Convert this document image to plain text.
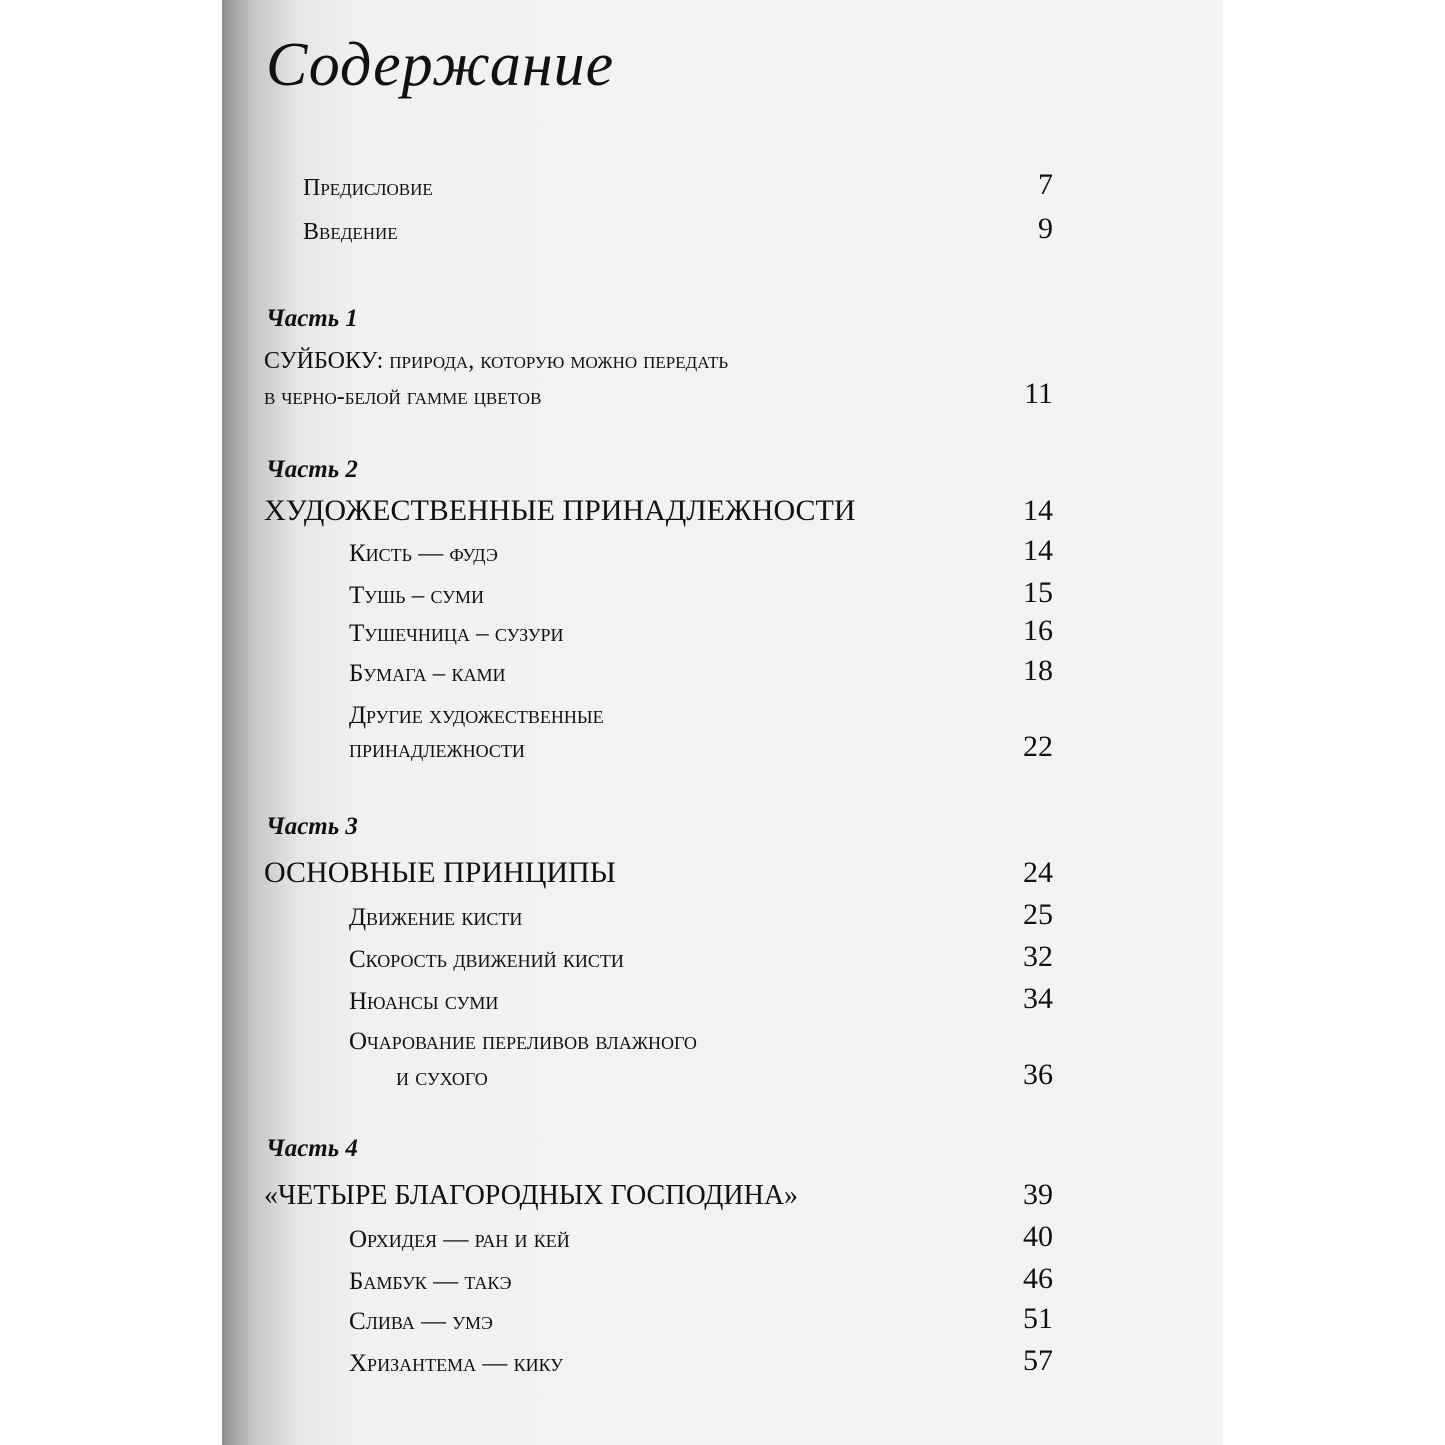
Содержание
Предисловие	7
Введение	9
Часть 1
СУЙБОКУ: природа, которую можно передать
в черно-белой гамме цветов	11
Часть 2
ХУДОЖЕСТВЕННЫЕ ПРИНАДЛЕЖНОСТИ	14
Кисть — фудэ	14
Тушь – суми	15
Тушечница – сузури	16
Бумага – ками	18
Другие художественные
принадлежности	22
Часть 3
ОСНОВНЫЕ ПРИНЦИПЫ	24
Движение кисти	25
Скорость движений кисти	32
Нюансы суми	34
Очарование переливов влажного
и сухого	36
Часть 4
«ЧЕТЫРЕ БЛАГОРОДНЫХ ГОСПОДИНА»	39
Орхидея — ран и кей	40
Бамбук — такэ	46
Слива — умэ	51
Хризантема — кику	57
